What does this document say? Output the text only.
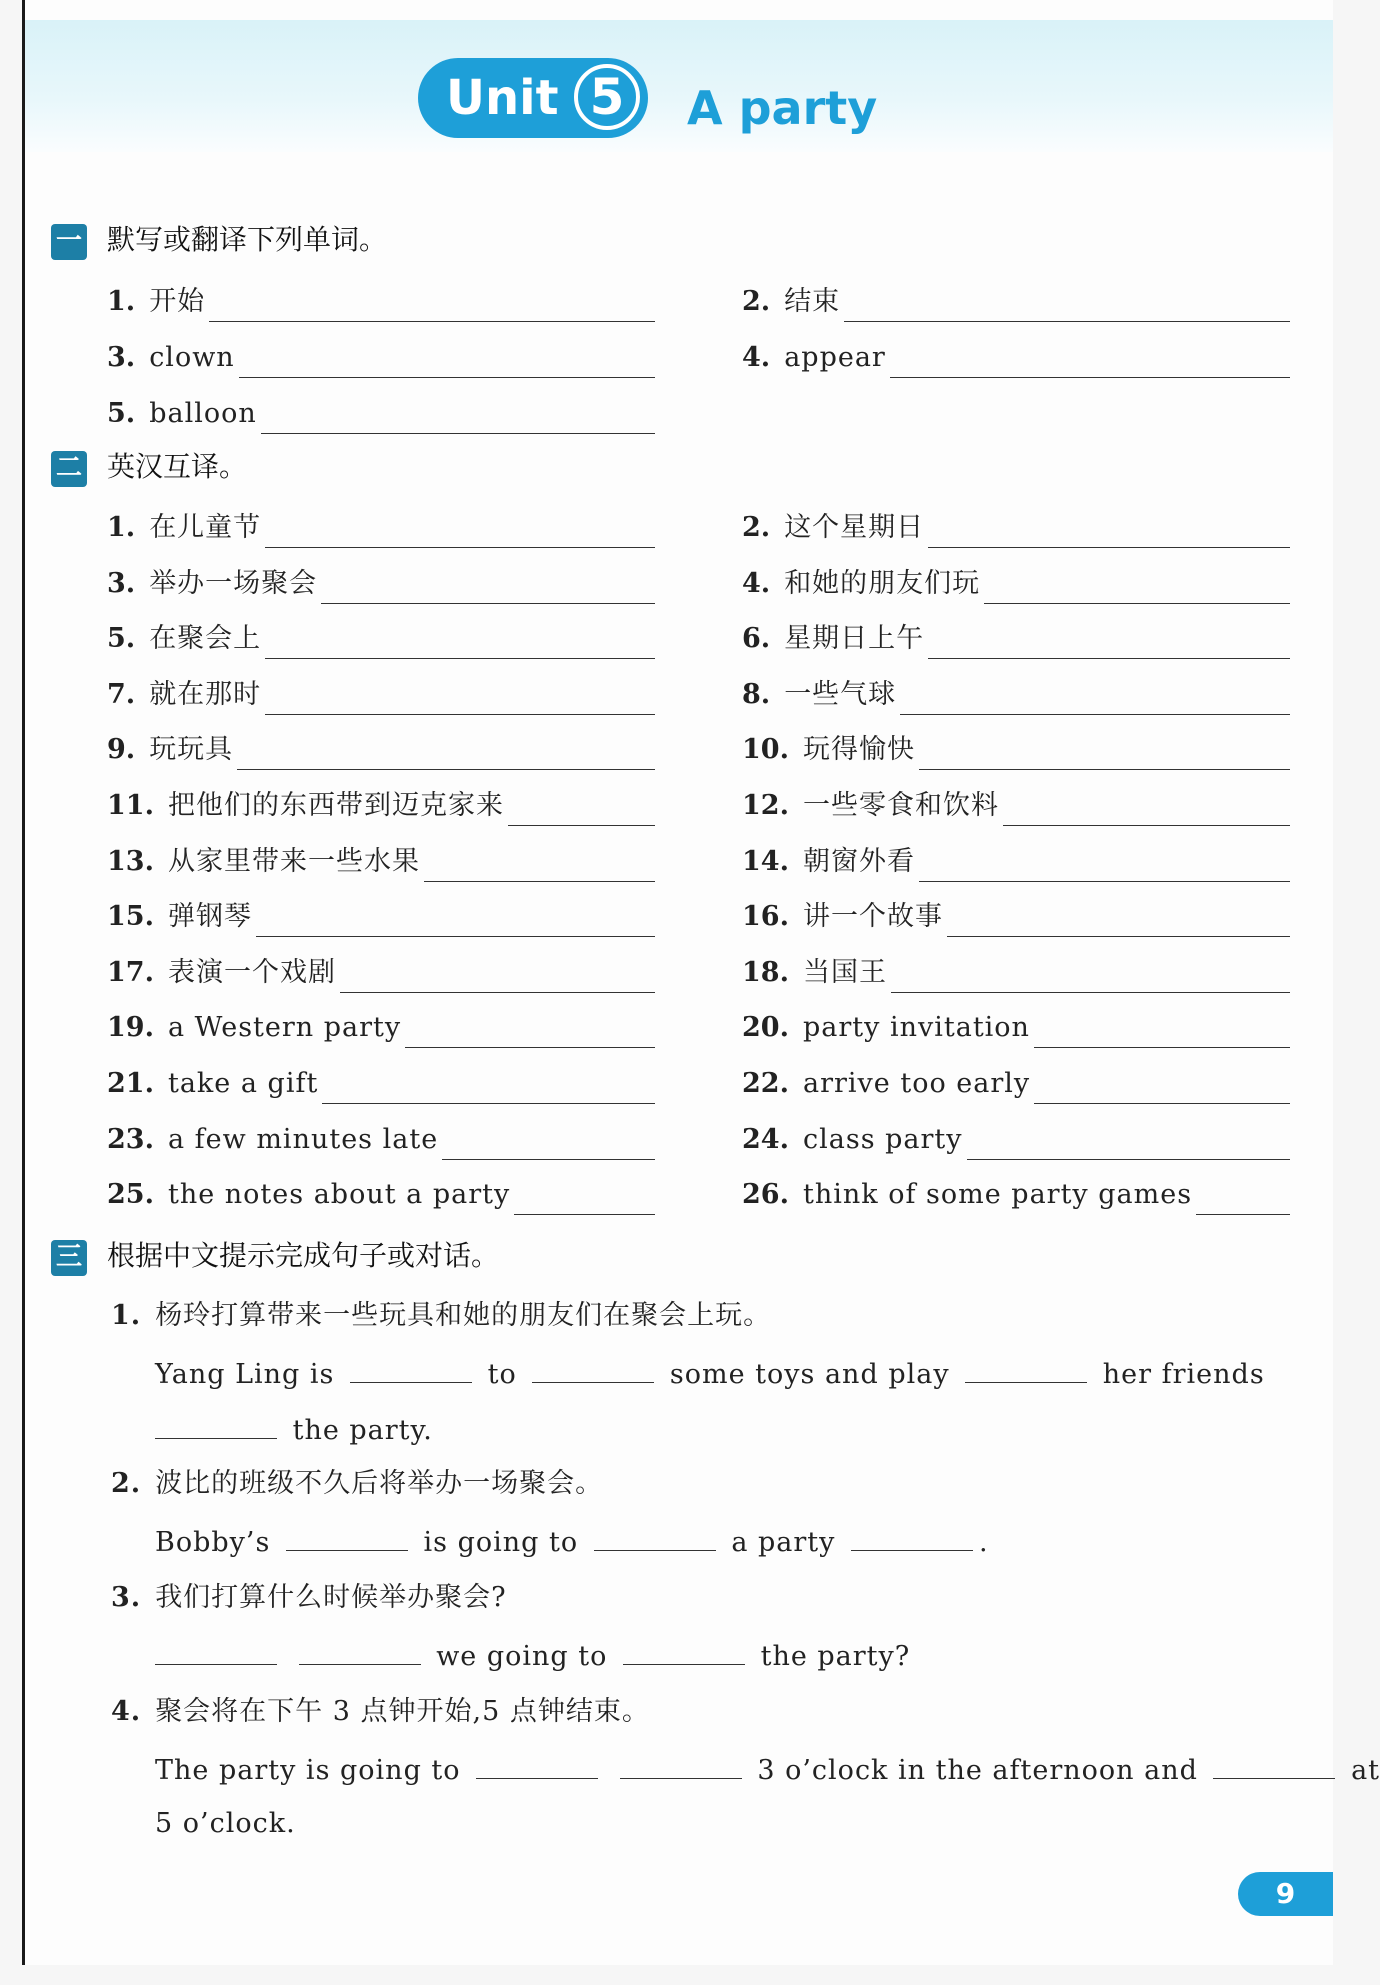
Unit 5	A party
一 默写或翻译下列单词。
1. 开始	2. 结束
3. clown	4. appear
5. balloon
二 英汉互译。
1. 在儿童节	2. 这个星期日
3. 举办一场聚会	4. 和她的朋友们玩
5. 在聚会上	6. 星期日上午
7. 就在那时	8. 一些气球
9. 玩玩具	10. 玩得愉快
11. 把他们的东西带到迈克家来	12. 一些零食和饮料
13. 从家里带来一些水果	14. 朝窗外看
15. 弹钢琴	16. 讲一个故事
17. 表演一个戏剧	18. 当国王
19. a Western party	20. party invitation
21. take a gift	22. arrive too early
23. a few minutes late	24. class party
25. the notes about a party	26. think of some party games
三 根据中文提示完成句子或对话。
1. 杨玲打算带来一些玩具和她的朋友们在聚会上玩。
Yang Ling is	to	some toys and play	her friends
the party.
2. 波比的班级不久后将举办一场聚会。
Bobby’s	is going to	a party	.
3. 我们打算什么时候举办聚会?
we going to	the party?
4. 聚会将在下午 3 点钟开始,5 点钟结束。
The party is going to	3 o’clock in the afternoon and	at
5 o’clock.
9
